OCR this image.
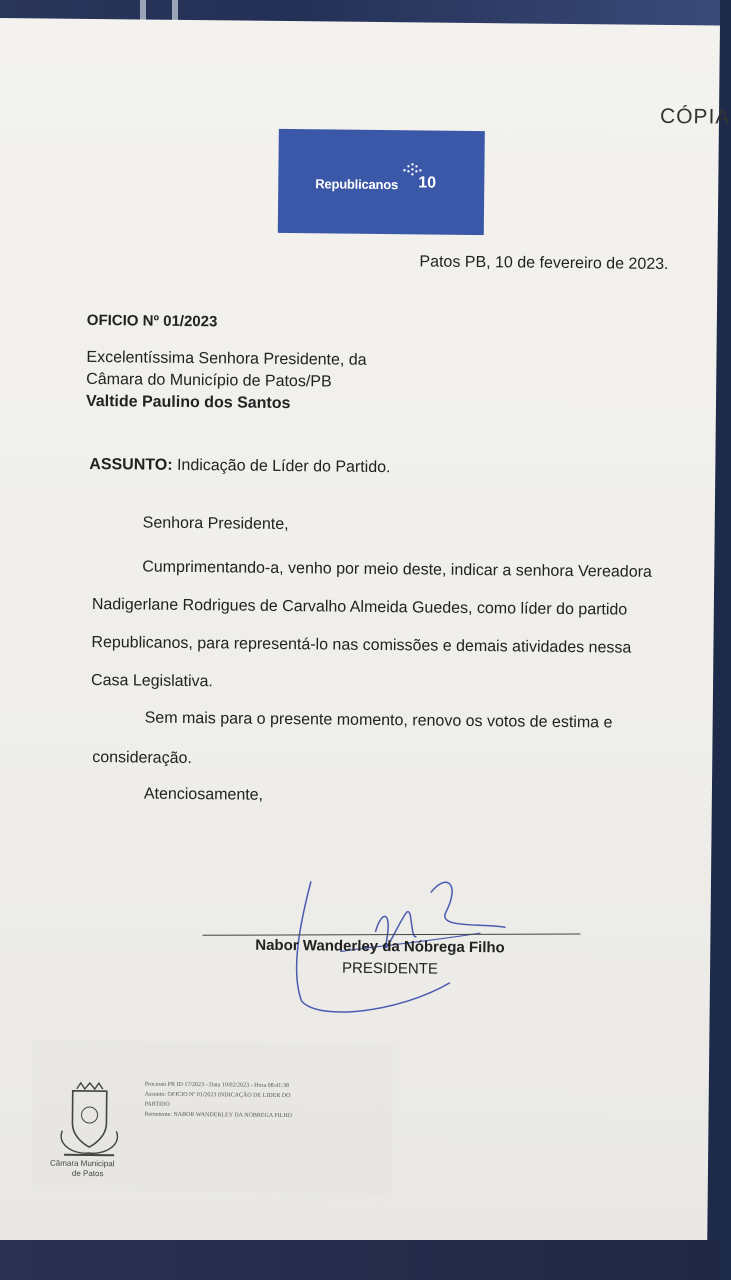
CÓPIA
Republicanos 10
Patos PB, 10 de fevereiro de 2023.
OFICIO Nº 01/2023
Excelentíssima Senhora Presidente, da
Câmara do Município de Patos/PB
Valtide Paulino dos Santos
ASSUNTO: Indicação de Líder do Partido.
Senhora Presidente,
Cumprimentando-a, venho por meio deste, indicar a senhora Vereadora
Nadigerlane Rodrigues de Carvalho Almeida Guedes, como líder do partido
Republicanos, para representá-lo nas comissões e demais atividades nessa
Casa Legislativa.
Sem mais para o presente momento, renovo os votos de estima e
consideração.
Atenciosamente,
Nabor Wanderley da Nóbrega Filho
PRESIDENTE
Câmara Municipal
de Patos
Processo PR ID 17/2023 - Data 10/02/2023 - Hora 08:41:38
Assunto: OFICIO Nº 01/2023 INDICAÇÃO DE LIDER DO
PARTIDO
Remetente: NABOR WANDERLEY DA NOBREGA FILHO
